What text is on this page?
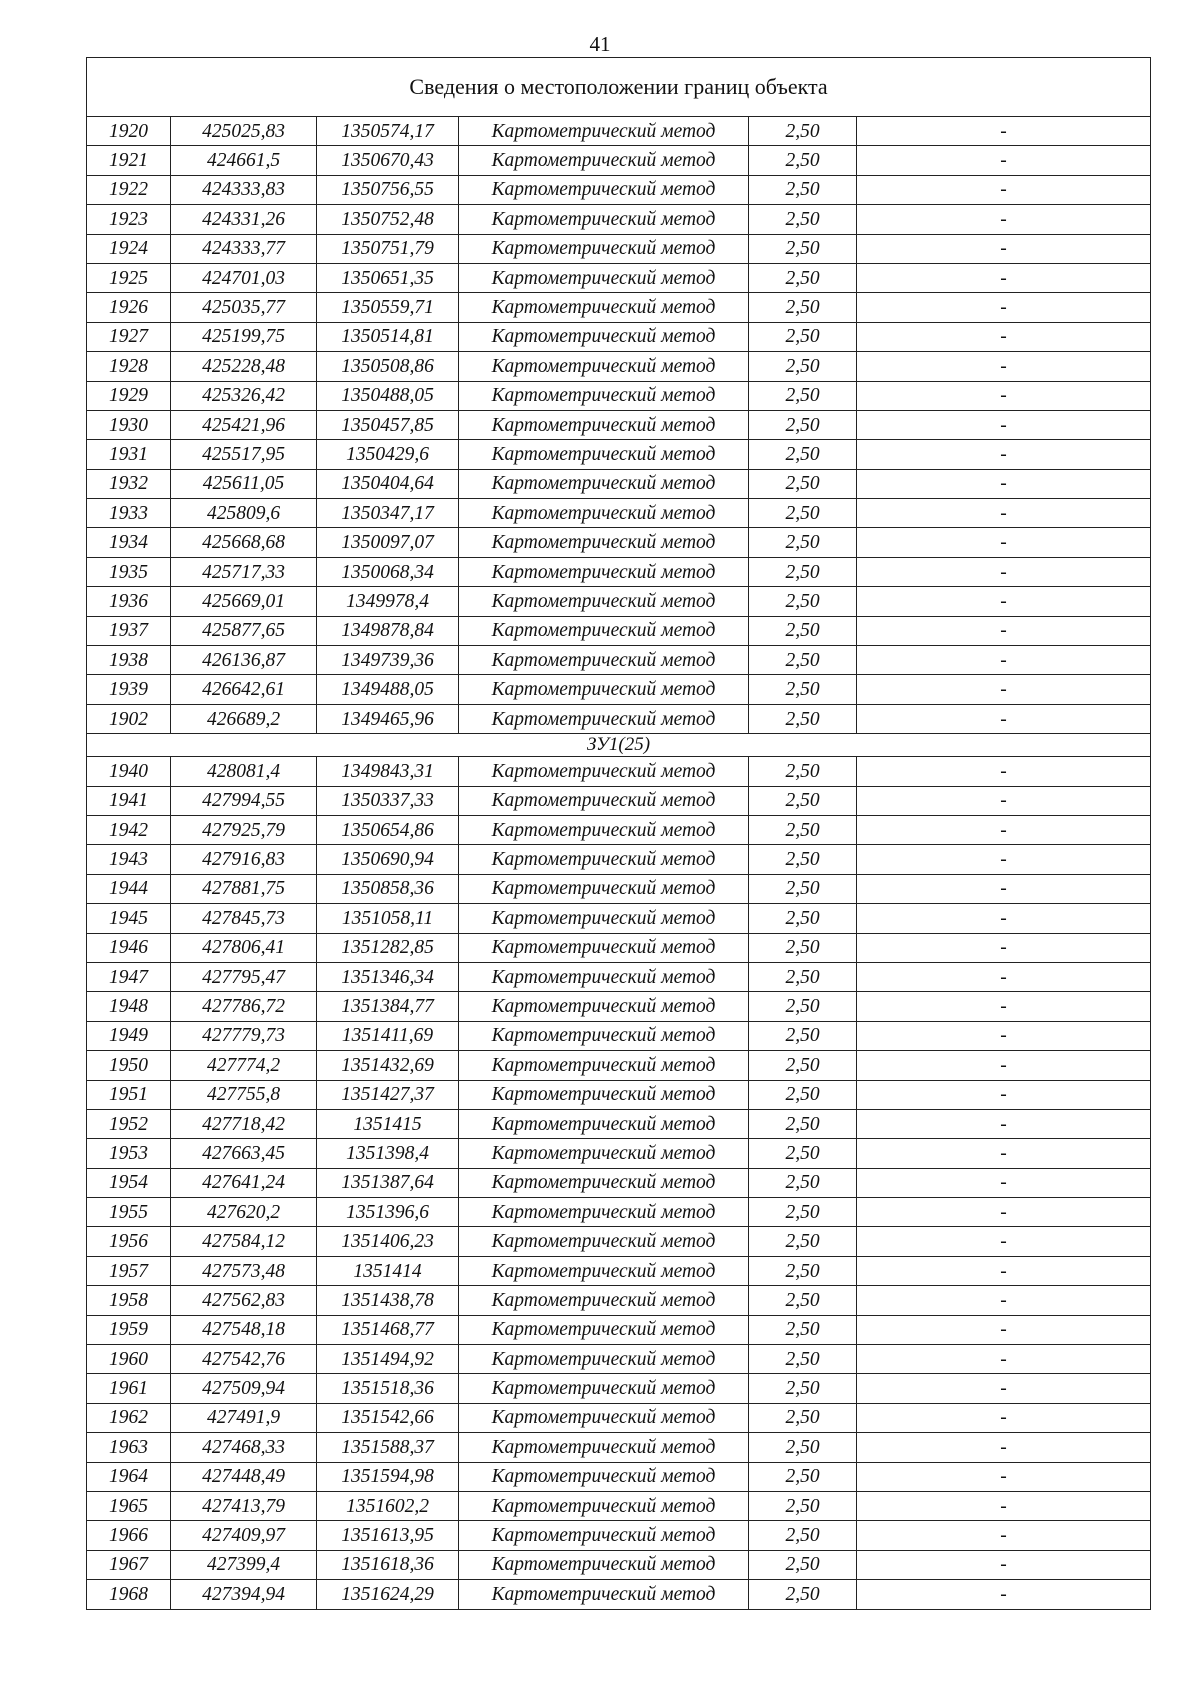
41
Сведения о местоположении границ объекта					
1920	425025,83	1350574,17	Картометрический метод	2,50	-
1921	424661,5	1350670,43	Картометрический метод	2,50	-
1922	424333,83	1350756,55	Картометрический метод	2,50	-
1923	424331,26	1350752,48	Картометрический метод	2,50	-
1924	424333,77	1350751,79	Картометрический метод	2,50	-
1925	424701,03	1350651,35	Картометрический метод	2,50	-
1926	425035,77	1350559,71	Картометрический метод	2,50	-
1927	425199,75	1350514,81	Картометрический метод	2,50	-
1928	425228,48	1350508,86	Картометрический метод	2,50	-
1929	425326,42	1350488,05	Картометрический метод	2,50	-
1930	425421,96	1350457,85	Картометрический метод	2,50	-
1931	425517,95	1350429,6	Картометрический метод	2,50	-
1932	425611,05	1350404,64	Картометрический метод	2,50	-
1933	425809,6	1350347,17	Картометрический метод	2,50	-
1934	425668,68	1350097,07	Картометрический метод	2,50	-
1935	425717,33	1350068,34	Картометрический метод	2,50	-
1936	425669,01	1349978,4	Картометрический метод	2,50	-
1937	425877,65	1349878,84	Картометрический метод	2,50	-
1938	426136,87	1349739,36	Картометрический метод	2,50	-
1939	426642,61	1349488,05	Картометрический метод	2,50	-
1902	426689,2	1349465,96	Картометрический метод	2,50	-
ЗУ1(25)					
1940	428081,4	1349843,31	Картометрический метод	2,50	-
1941	427994,55	1350337,33	Картометрический метод	2,50	-
1942	427925,79	1350654,86	Картометрический метод	2,50	-
1943	427916,83	1350690,94	Картометрический метод	2,50	-
1944	427881,75	1350858,36	Картометрический метод	2,50	-
1945	427845,73	1351058,11	Картометрический метод	2,50	-
1946	427806,41	1351282,85	Картометрический метод	2,50	-
1947	427795,47	1351346,34	Картометрический метод	2,50	-
1948	427786,72	1351384,77	Картометрический метод	2,50	-
1949	427779,73	1351411,69	Картометрический метод	2,50	-
1950	427774,2	1351432,69	Картометрический метод	2,50	-
1951	427755,8	1351427,37	Картометрический метод	2,50	-
1952	427718,42	1351415	Картометрический метод	2,50	-
1953	427663,45	1351398,4	Картометрический метод	2,50	-
1954	427641,24	1351387,64	Картометрический метод	2,50	-
1955	427620,2	1351396,6	Картометрический метод	2,50	-
1956	427584,12	1351406,23	Картометрический метод	2,50	-
1957	427573,48	1351414	Картометрический метод	2,50	-
1958	427562,83	1351438,78	Картометрический метод	2,50	-
1959	427548,18	1351468,77	Картометрический метод	2,50	-
1960	427542,76	1351494,92	Картометрический метод	2,50	-
1961	427509,94	1351518,36	Картометрический метод	2,50	-
1962	427491,9	1351542,66	Картометрический метод	2,50	-
1963	427468,33	1351588,37	Картометрический метод	2,50	-
1964	427448,49	1351594,98	Картометрический метод	2,50	-
1965	427413,79	1351602,2	Картометрический метод	2,50	-
1966	427409,97	1351613,95	Картометрический метод	2,50	-
1967	427399,4	1351618,36	Картометрический метод	2,50	-
1968	427394,94	1351624,29	Картометрический метод	2,50	-
